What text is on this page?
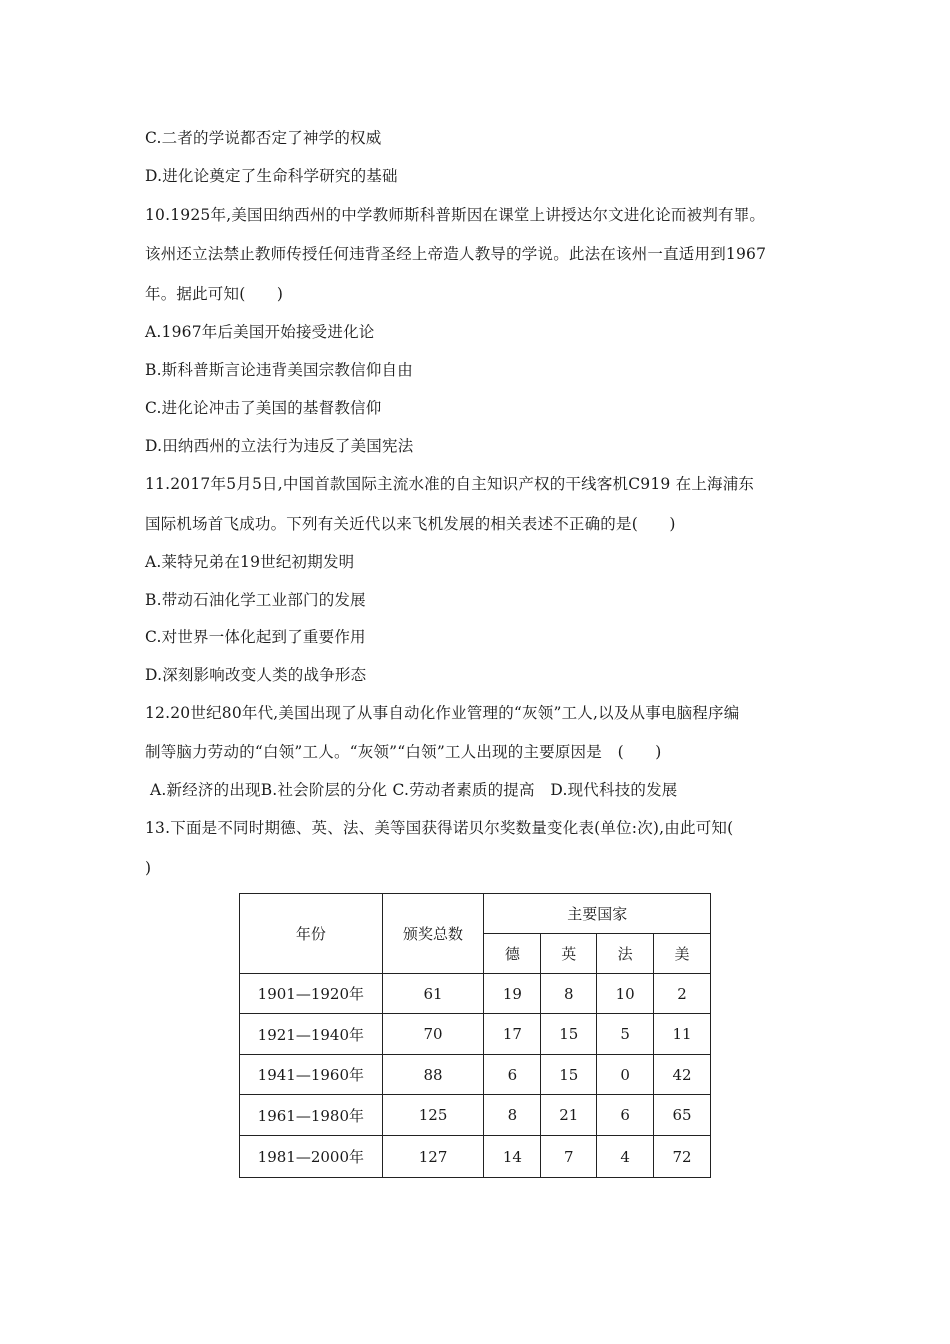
C.二者的学说都否定了神学的权威
D.进化论奠定了生命科学研究的基础
10.1925年,美国田纳西州的中学教师斯科普斯因在课堂上讲授达尔文进化论而被判有罪。
该州还立法禁止教师传授任何违背圣经上帝造人教导的学说。此法在该州一直适用到1967
年。据此可知(　　)
A.1967年后美国开始接受进化论
B.斯科普斯言论违背美国宗教信仰自由
C.进化论冲击了美国的基督教信仰
D.田纳西州的立法行为违反了美国宪法
11.2017年5月5日,中国首款国际主流水准的自主知识产权的干线客机C919 在上海浦东
国际机场首飞成功。下列有关近代以来飞机发展的相关表述不正确的是(　　)
A.莱特兄弟在19世纪初期发明
B.带动石油化学工业部门的发展
C.对世界一体化起到了重要作用
D.深刻影响改变人类的战争形态
12.20世纪80年代,美国出现了从事自动化作业管理的“灰领”工人,以及从事电脑程序编
制等脑力劳动的“白领”工人。“灰领”“白领”工人出现的主要原因是　(　　)
A.新经济的出现B.社会阶层的分化 C.劳动者素质的提高　D.现代科技的发展
13.下面是不同时期德、英、法、美等国获得诺贝尔奖数量变化表(单位:次),由此可知(
)
年份	颁奖总数	主要国家			
		德	英	法	美
1901—1920年	61	19	8	10	2
1921—1940年	70	17	15	5	11
1941—1960年	88	6	15	0	42
1961—1980年	125	8	21	6	65
1981—2000年	127	14	7	4	72
